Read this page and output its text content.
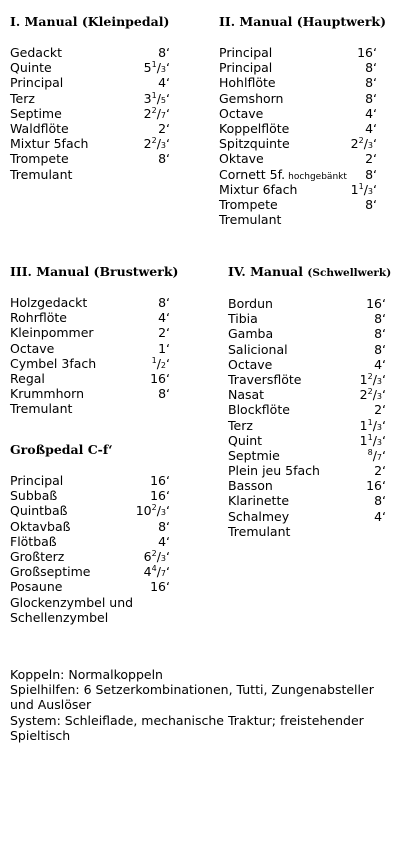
I. Manual (Kleinpedal)
Gedackt	8‘
Quinte	$5^1/3‘$
Principal	4‘
Terz	$3^1/5‘$
Septime	$2^2/7‘$
Waldflöte	2‘
Mixtur 5fach	$2^2/3‘$
Trompete	8‘
Tremulant
II. Manual (Hauptwerk)
Principal	16‘
Principal	8‘
Hohlflöte	8‘
Gemshorn	8‘
Octave	4‘
Koppelflöte	4‘
Spitzquinte	$2^2/3‘$
Oktave	2‘
Cornett 5f. hochgebänkt 8‘
Mixtur 6fach	$1^1/3‘$
Trompete	8‘
Tremulant
III. Manual (Brustwerk)
Holzgedackt	8‘
Rohrflöte	4‘
Kleinpommer	2‘
Octave	1‘
Cymbel 3fach	$^1$/2‘
Regal	16‘
Krummhorn	8‘
Tremulant
IV. Manual (Schwellwerk)
Bordun	16‘
Tibia	8‘
Gamba	8‘
Salicional	8‘
Octave	4‘
Traversflöte	$1^2/3‘$
Nasat	$2^2/3‘$
Blockflöte	2‘
Terz	$1^1/3‘$
Quint	$1^1/3‘$
Septmie	$^8$/7‘
Plein jeu 5fach	2‘
Basson	16‘
Klarinette	8‘
Schalmey	4‘
Tremulant
Großpedal C-f‘
Principal	16‘
Subbaß	16‘
Quintbaß	$10^2/3‘$
Oktavbaß	8‘
Flötbaß	4‘
Großterz	$6^2/3‘$
Großseptime	$4^4/7‘$
Posaune	16‘
Glockenzymbel und Schellenzymbel

Koppeln: Normalkoppeln

Spielhilfen: 6 Setzerkombinationen, Tutti, Zungenabsteller und Auslöser

System: Schleiflade, mechanische Traktur; freistehender Spieltisch
